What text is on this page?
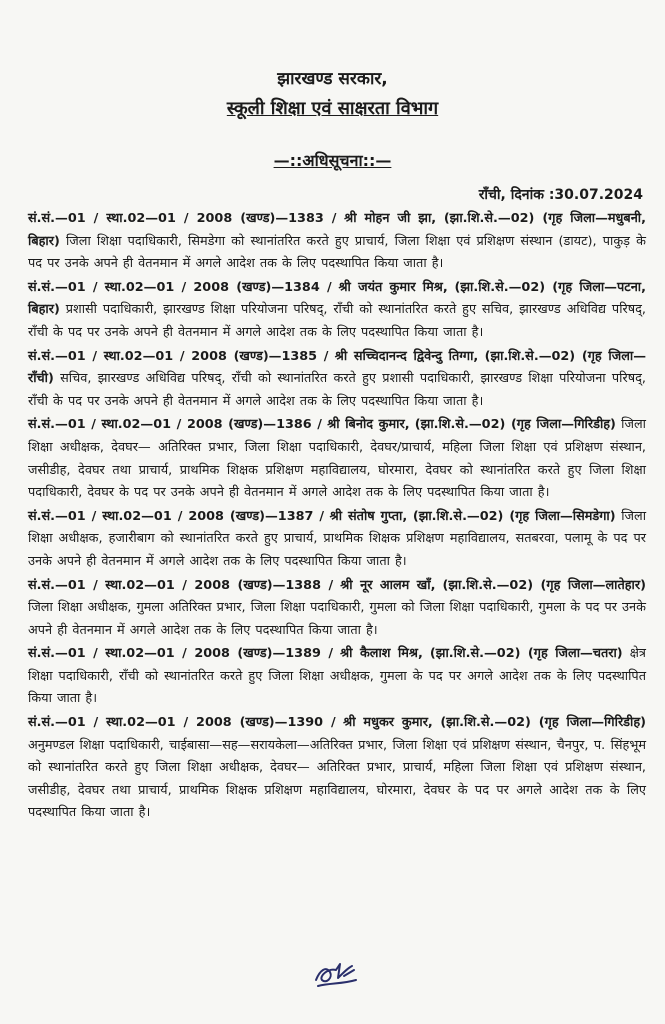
झारखण्ड सरकार,
स्कूली शिक्षा एवं साक्षरता विभाग
—::अधिसूचना::—
राँची, दिनांक :30.07.2024

सं.सं.—01 / स्था.02—01 / 2008 (खण्ड)—1383 / श्री मोहन जी झा, (झा.शि.से.—02) (गृह जिला—मधुबनी, बिहार) जिला शिक्षा पदाधिकारी, सिमडेगा को स्थानांतरित करते हुए प्राचार्य, जिला शिक्षा एवं प्रशिक्षण संस्थान (डायट), पाकुड़ के पद पर उनके अपने ही वेतनमान में अगले आदेश तक के लिए पदस्थापित किया जाता है।

सं.सं.—01 / स्था.02—01 / 2008 (खण्ड)—1384 / श्री जयंत कुमार मिश्र, (झा.शि.से.—02) (गृह जिला—पटना, बिहार) प्रशासी पदाधिकारी, झारखण्ड शिक्षा परियोजना परिषद्, राँची को स्थानांतरित करते हुए सचिव, झारखण्ड अधिविद्य परिषद्, राँची के पद पर उनके अपने ही वेतनमान में अगले आदेश तक के लिए पदस्थापित किया जाता है।

सं.सं.—01 / स्था.02—01 / 2008 (खण्ड)—1385 / श्री सच्चिदानन्द द्विवेन्दु तिग्गा, (झा.शि.से.—02) (गृह जिला— राँची) सचिव, झारखण्ड अधिविद्य परिषद्, राँची को स्थानांतरित करते हुए प्रशासी पदाधिकारी, झारखण्ड शिक्षा परियोजना परिषद्, राँची के पद पर उनके अपने ही वेतनमान में अगले आदेश तक के लिए पदस्थापित किया जाता है।

सं.सं.—01 / स्था.02—01 / 2008 (खण्ड)—1386 / श्री बिनोद कुमार, (झा.शि.से.—02) (गृह जिला—गिरिडीह) जिला शिक्षा अधीक्षक, देवघर— अतिरिक्त प्रभार, जिला शिक्षा पदाधिकारी, देवघर/प्राचार्य, महिला जिला शिक्षा एवं प्रशिक्षण संस्थान, जसीडीह, देवघर तथा प्राचार्य, प्राथमिक शिक्षक प्रशिक्षण महाविद्यालय, घोरमारा, देवघर को स्थानांतरित करते हुए जिला शिक्षा पदाधिकारी, देवघर के पद पर उनके अपने ही वेतनमान में अगले आदेश तक के लिए पदस्थापित किया जाता है।

सं.सं.—01 / स्था.02—01 / 2008 (खण्ड)—1387 / श्री संतोष गुप्ता, (झा.शि.से.—02) (गृह जिला—सिमडेगा) जिला शिक्षा अधीक्षक, हजारीबाग को स्थानांतरित करते हुए प्राचार्य, प्राथमिक शिक्षक प्रशिक्षण महाविद्यालय, सतबरवा, पलामू के पद पर उनके अपने ही वेतनमान में अगले आदेश तक के लिए पदस्थापित किया जाता है।

सं.सं.—01 / स्था.02—01 / 2008 (खण्ड)—1388 / श्री नूर आलम खाँ, (झा.शि.से.—02) (गृह जिला—लातेहार) जिला शिक्षा अधीक्षक, गुमला अतिरिक्त प्रभार, जिला शिक्षा पदाधिकारी, गुमला को जिला शिक्षा पदाधिकारी, गुमला के पद पर उनके अपने ही वेतनमान में अगले आदेश तक के लिए पदस्थापित किया जाता है।

सं.सं.—01 / स्था.02—01 / 2008 (खण्ड)—1389 / श्री कैलाश मिश्र, (झा.शि.से.—02) (गृह जिला—चतरा) क्षेत्र शिक्षा पदाधिकारी, राँची को स्थानांतरित करते हुए जिला शिक्षा अधीक्षक, गुमला के पद पर अगले आदेश तक के लिए पदस्थापित किया जाता है।

सं.सं.—01 / स्था.02—01 / 2008 (खण्ड)—1390 / श्री मधुकर कुमार, (झा.शि.से.—02) (गृह जिला—गिरिडीह) अनुमण्डल शिक्षा पदाधिकारी, चाईबासा—सह—सरायकेला—अतिरिक्त प्रभार, जिला शिक्षा एवं प्रशिक्षण संस्थान, चैनपुर, प. सिंहभूम को स्थानांतरित करते हुए जिला शिक्षा अधीक्षक, देवघर— अतिरिक्त प्रभार, प्राचार्य, महिला जिला शिक्षा एवं प्रशिक्षण संस्थान, जसीडीह, देवघर तथा प्राचार्य, प्राथमिक शिक्षक प्रशिक्षण महाविद्यालय, घोरमारा, देवघर के पद पर अगले आदेश तक के लिए पदस्थापित किया जाता है।
